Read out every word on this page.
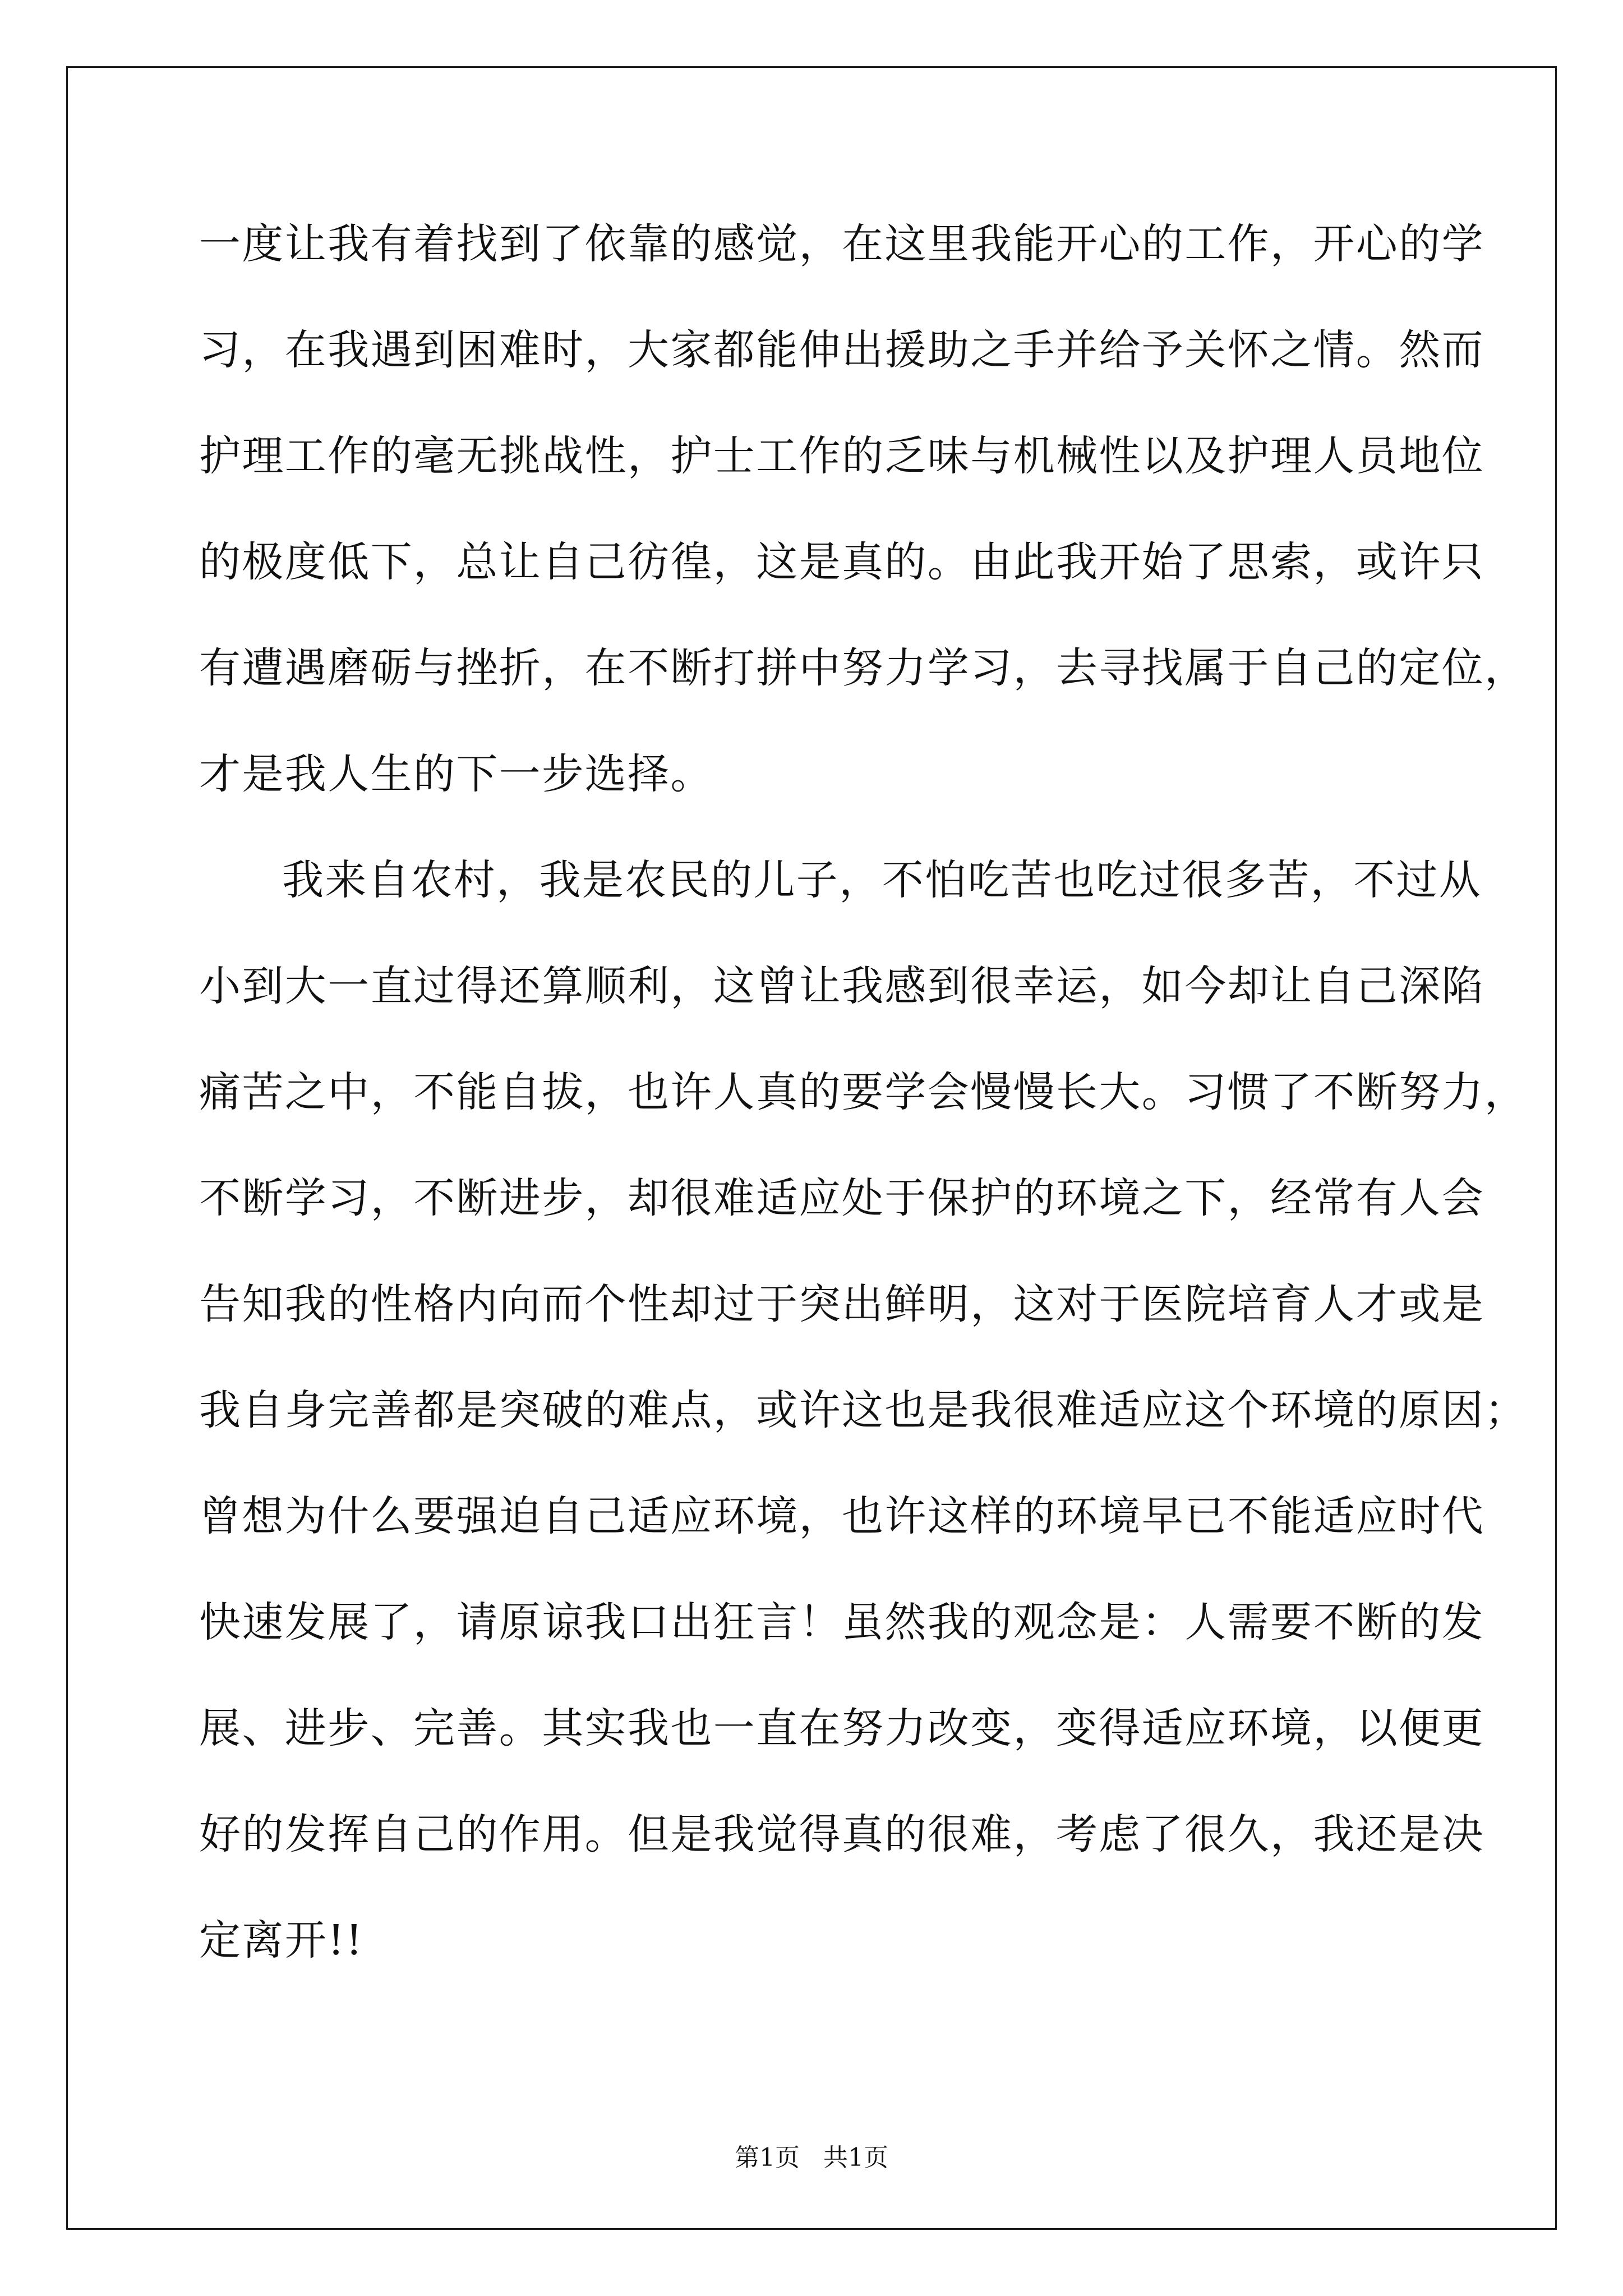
一度让我有着找到了依靠的感觉，在这里我能开心的工作，开心的学
习，在我遇到困难时，大家都能伸出援助之手并给予关怀之情。然而
护理工作的毫无挑战性，护士工作的乏味与机械性以及护理人员地位
的极度低下，总让自己彷徨，这是真的。由此我开始了思索，或许只
有遭遇磨砺与挫折，在不断打拼中努力学习，去寻找属于自己的定位，
才是我人生的下一步选择。
我来自农村，我是农民的儿子，不怕吃苦也吃过很多苦，不过从
小到大一直过得还算顺利，这曾让我感到很幸运，如今却让自己深陷
痛苦之中，不能自拔，也许人真的要学会慢慢长大。习惯了不断努力，
不断学习，不断进步，却很难适应处于保护的环境之下，经常有人会
告知我的性格内向而个性却过于突出鲜明，这对于医院培育人才或是
我自身完善都是突破的难点，或许这也是我很难适应这个环境的原因；
曾想为什么要强迫自己适应环境，也许这样的环境早已不能适应时代
快速发展了，请原谅我口出狂言！虽然我的观念是：人需要不断的发
展、进步、完善。其实我也一直在努力改变，变得适应环境，以便更
好的发挥自己的作用。但是我觉得真的很难，考虑了很久，我还是决
定离开!!
第1页 共1页
